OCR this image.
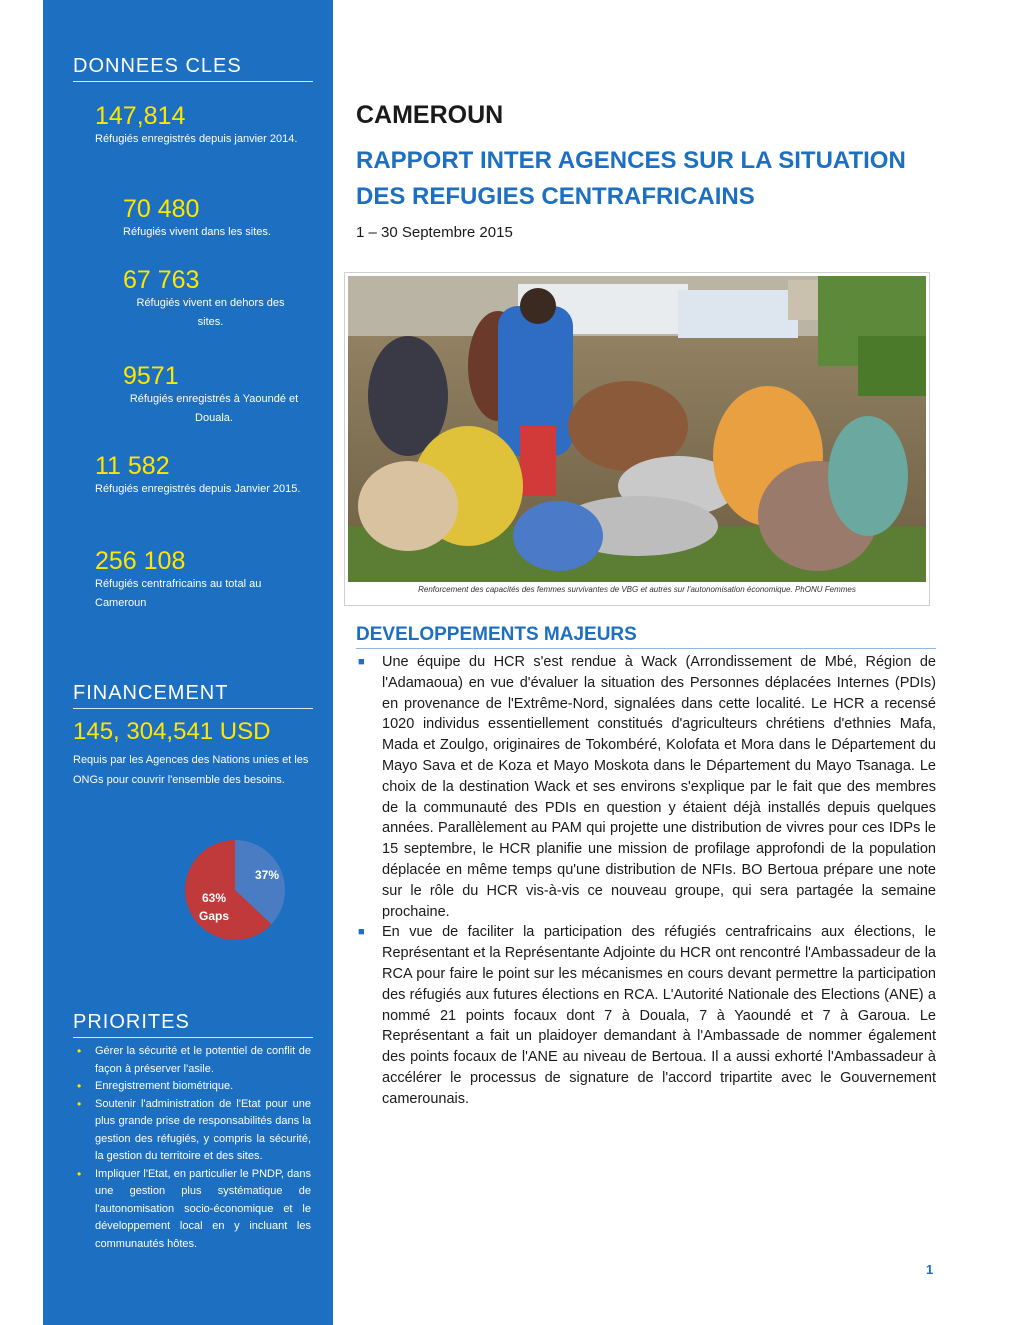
DONNEES CLES
147,814
Réfugiés enregistrés depuis janvier 2014.
70 480
Réfugiés vivent dans les sites.
67 763
Réfugiés vivent en dehors des sites.
9571
Réfugiés enregistrés à Yaoundé et Douala.
11 582
Réfugiés enregistrés depuis Janvier 2015.
256 108
Réfugiés centrafricains au total au Cameroun
FINANCEMENT
145, 304,541 USD
Requis par les Agences des Nations unies et les ONGs pour couvrir l'ensemble des besoins.
37%
63%
Gaps
PRIORITES
• Gérer la sécurité et le potentiel de conflit de façon à préserver l'asile.
• Enregistrement biométrique.
• Soutenir l'administration de l'Etat pour une plus grande prise de responsabilités dans la gestion des réfugiés, y compris la sécurité, la gestion du territoire et des sites.
• Impliquer l'Etat, en particulier le PNDP, dans une gestion plus systématique de l'autonomisation socio-économique et le développement local en y incluant les communautés hôtes.
CAMEROUN
RAPPORT INTER AGENCES SUR LA SITUATION
DES REFUGIES CENTRAFRICAINS
1 – 30 Septembre 2015
Renforcement des capacités des femmes survivantes de VBG et autres sur l'autonomisation économique. PhONU Femmes
DEVELOPPEMENTS MAJEURS
■ Une équipe du HCR s'est rendue à Wack (Arrondissement de Mbé, Région de l'Adamaoua) en vue d'évaluer la situation des Personnes déplacées Internes (PDIs) en provenance de l'Extrême-Nord, signalées dans cette localité. Le HCR a recensé 1020 individus essentiellement constitués d'agriculteurs chrétiens d'ethnies Mafa, Mada et Zoulgo, originaires de Tokombéré, Kolofata et Mora dans le Département du Mayo Sava et de Koza et Mayo Moskota dans le Département du Mayo Tsanaga. Le choix de la destination Wack et ses environs s'explique par le fait que des membres de la communauté des PDIs en question y étaient déjà installés depuis quelques années. Parallèlement au PAM qui projette une distribution de vivres pour ces IDPs le 15 septembre, le HCR planifie une mission de profilage approfondi de la population déplacée en même temps qu'une distribution de NFIs. BO Bertoua prépare une note sur le rôle du HCR vis-à-vis ce nouveau groupe, qui sera partagée la semaine prochaine.
■ En vue de faciliter la participation des réfugiés centrafricains aux élections, le Représentant et la Représentante Adjointe du HCR ont rencontré l'Ambassadeur de la RCA pour faire le point sur les mécanismes en cours devant permettre la participation des réfugiés aux futures élections en RCA. L'Autorité Nationale des Elections (ANE) a nommé 21 points focaux dont 7 à Douala, 7 à Yaoundé et 7 à Garoua. Le Représentant a fait un plaidoyer demandant à l'Ambassade de nommer également des points focaux de l'ANE au niveau de Bertoua. Il a aussi exhorté l'Ambassadeur à accélérer le processus de signature de l'accord tripartite avec le Gouvernement camerounais.
1
